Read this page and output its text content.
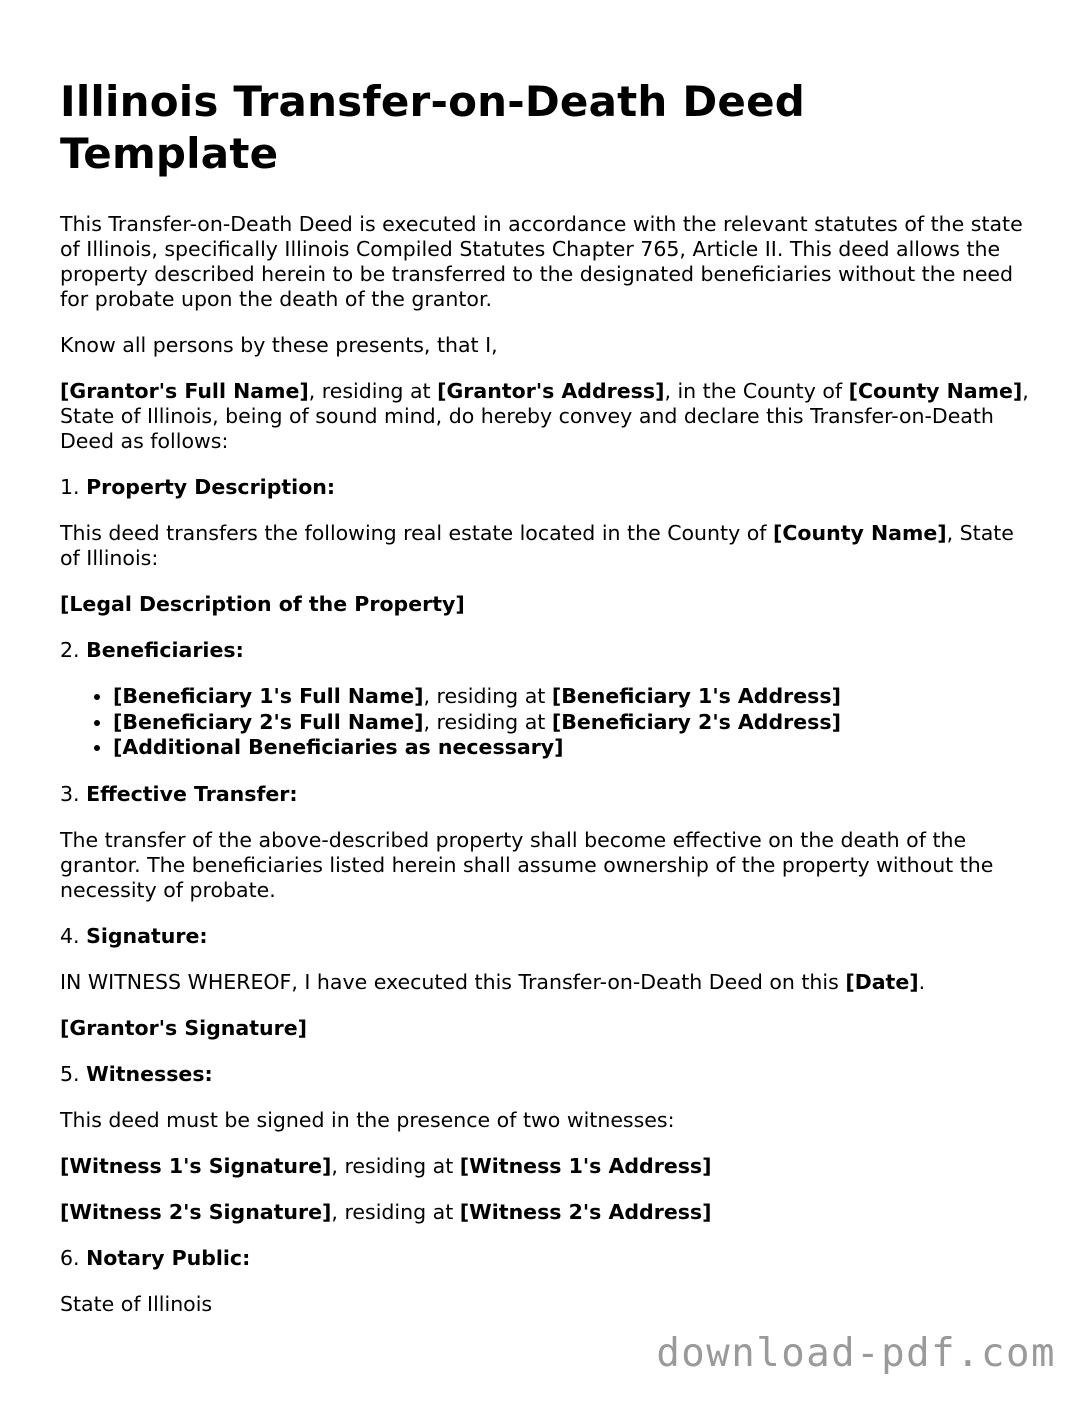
Illinois Transfer-on-Death Deed Template

This Transfer-on-Death Deed is executed in accordance with the relevant statutes of the state of Illinois, specifically Illinois Compiled Statutes Chapter 765, Article II. This deed allows the property described herein to be transferred to the designated beneficiaries without the need for probate upon the death of the grantor.

Know all persons by these presents, that I,

[Grantor's Full Name], residing at [Grantor's Address], in the County of [County Name], State of Illinois, being of sound mind, do hereby convey and declare this Transfer-on-Death Deed as follows:

1. Property Description:

This deed transfers the following real estate located in the County of [County Name], State of Illinois:

[Legal Description of the Property]

2. Beneficiaries:

• [Beneficiary 1's Full Name], residing at [Beneficiary 1's Address]
• [Beneficiary 2's Full Name], residing at [Beneficiary 2's Address]
• [Additional Beneficiaries as necessary]

3. Effective Transfer:

The transfer of the above-described property shall become effective on the death of the grantor. The beneficiaries listed herein shall assume ownership of the property without the necessity of probate.

4. Signature:

IN WITNESS WHEREOF, I have executed this Transfer-on-Death Deed on this [Date].

[Grantor's Signature]

5. Witnesses:

This deed must be signed in the presence of two witnesses:

[Witness 1's Signature], residing at [Witness 1's Address]

[Witness 2's Signature], residing at [Witness 2's Address]

6. Notary Public:

State of Illinois

download-pdf.com
